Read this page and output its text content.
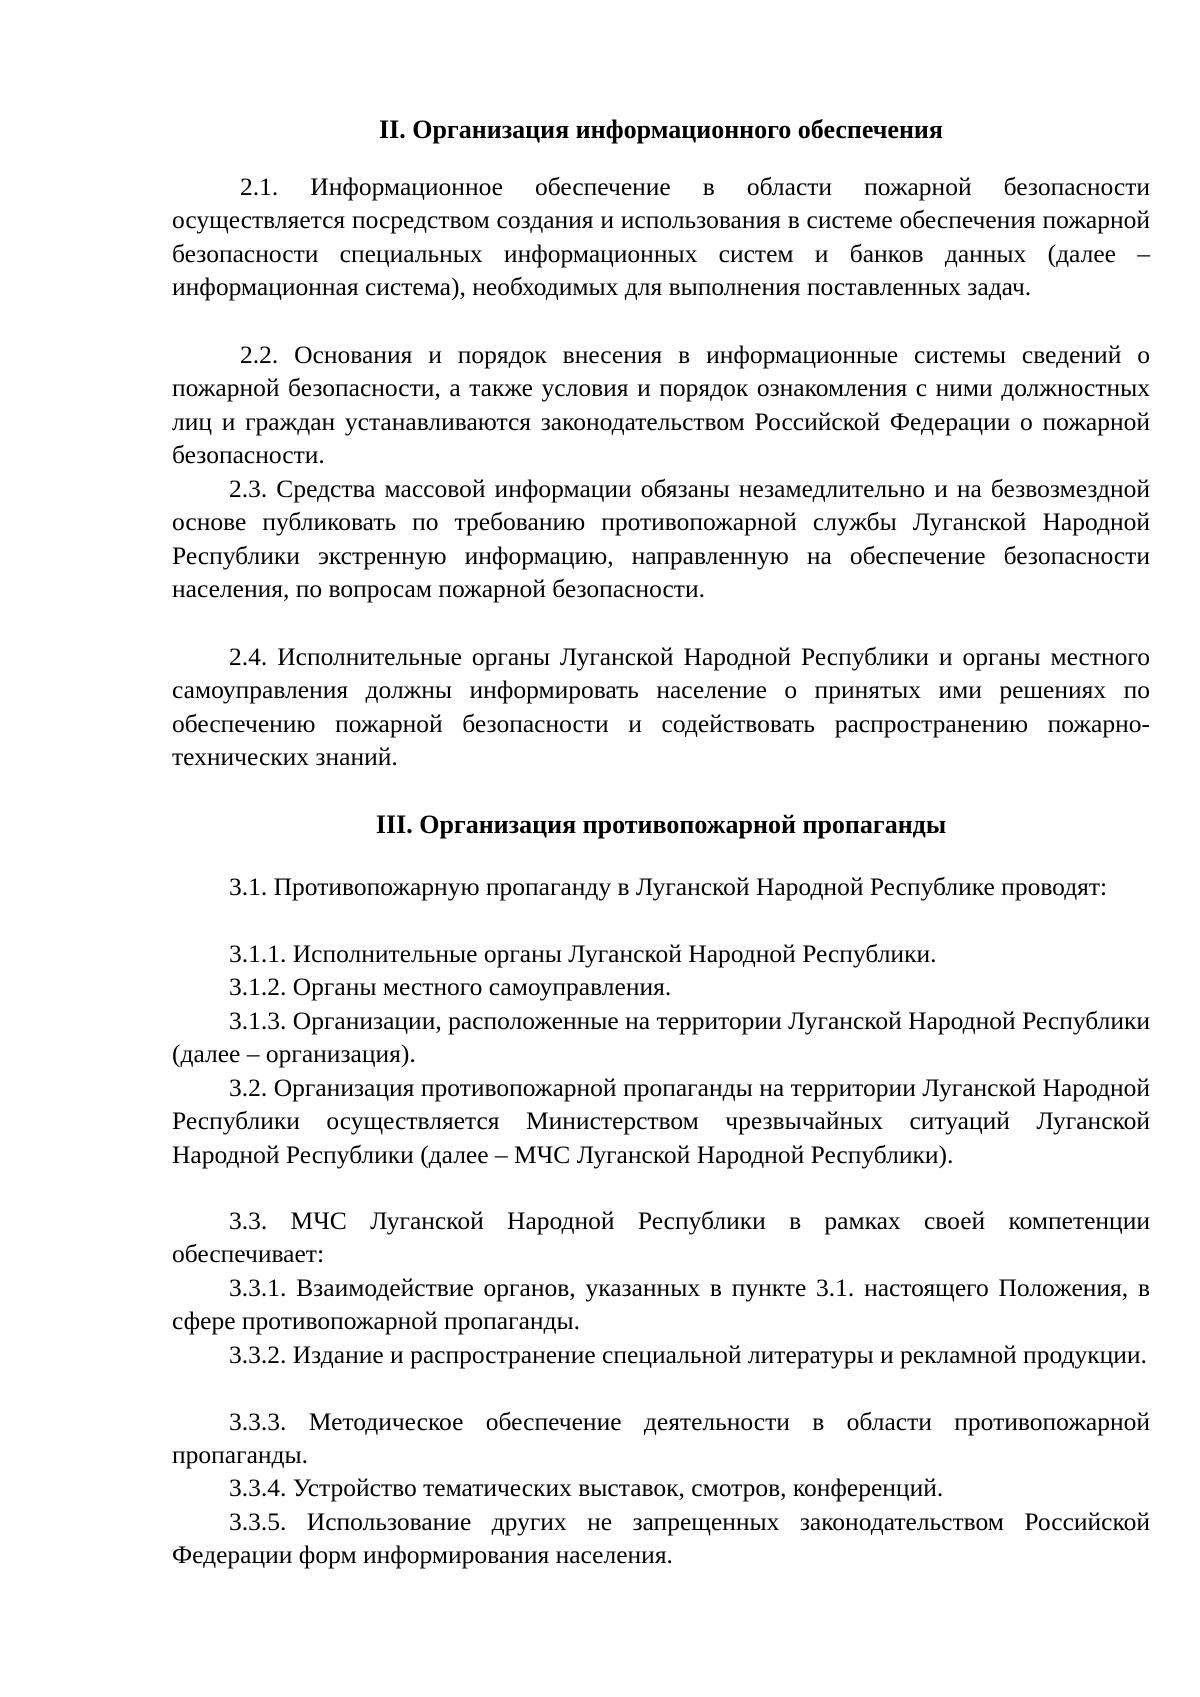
II. Организация информационного обеспечения

2.1. Информационное обеспечение в области пожарной безопасности осуществляется посредством создания и использования в системе обеспечения пожарной безопасности специальных информационных систем и банков данных (далее – информационная система), необходимых для выполнения поставленных задач.

2.2. Основания и порядок внесения в информационные системы сведений о пожарной безопасности, а также условия и порядок ознакомления с ними должностных лиц и граждан устанавливаются законодательством Российской Федерации о пожарной безопасности.

2.3. Средства массовой информации обязаны незамедлительно и на безвозмездной основе публиковать по требованию противопожарной службы Луганской Народной Республики экстренную информацию, направленную на обеспечение безопасности населения, по вопросам пожарной безопасности.

2.4. Исполнительные органы Луганской Народной Республики и органы местного самоуправления должны информировать население о принятых ими решениях по обеспечению пожарной безопасности и содействовать распространению пожарно-технических знаний.

III. Организация противопожарной пропаганды

3.1. Противопожарную пропаганду в Луганской Народной Республике проводят:

3.1.1. Исполнительные органы Луганской Народной Республики.

3.1.2. Органы местного самоуправления.

3.1.3. Организации, расположенные на территории Луганской Народной Республики (далее – организация).

3.2. Организация противопожарной пропаганды на территории Луганской Народной Республики осуществляется Министерством чрезвычайных ситуаций Луганской Народной Республики (далее – МЧС Луганской Народной Республики).

3.3. МЧС Луганской Народной Республики в рамках своей компетенции обеспечивает:

3.3.1. Взаимодействие органов, указанных в пункте 3.1. настоящего Положения, в сфере противопожарной пропаганды.

3.3.2. Издание и распространение специальной литературы и рекламной продукции.

3.3.3. Методическое обеспечение деятельности в области противопожарной пропаганды.

3.3.4. Устройство тематических выставок, смотров, конференций.

3.3.5. Использование других не запрещенных законодательством Российской Федерации форм информирования населения.
